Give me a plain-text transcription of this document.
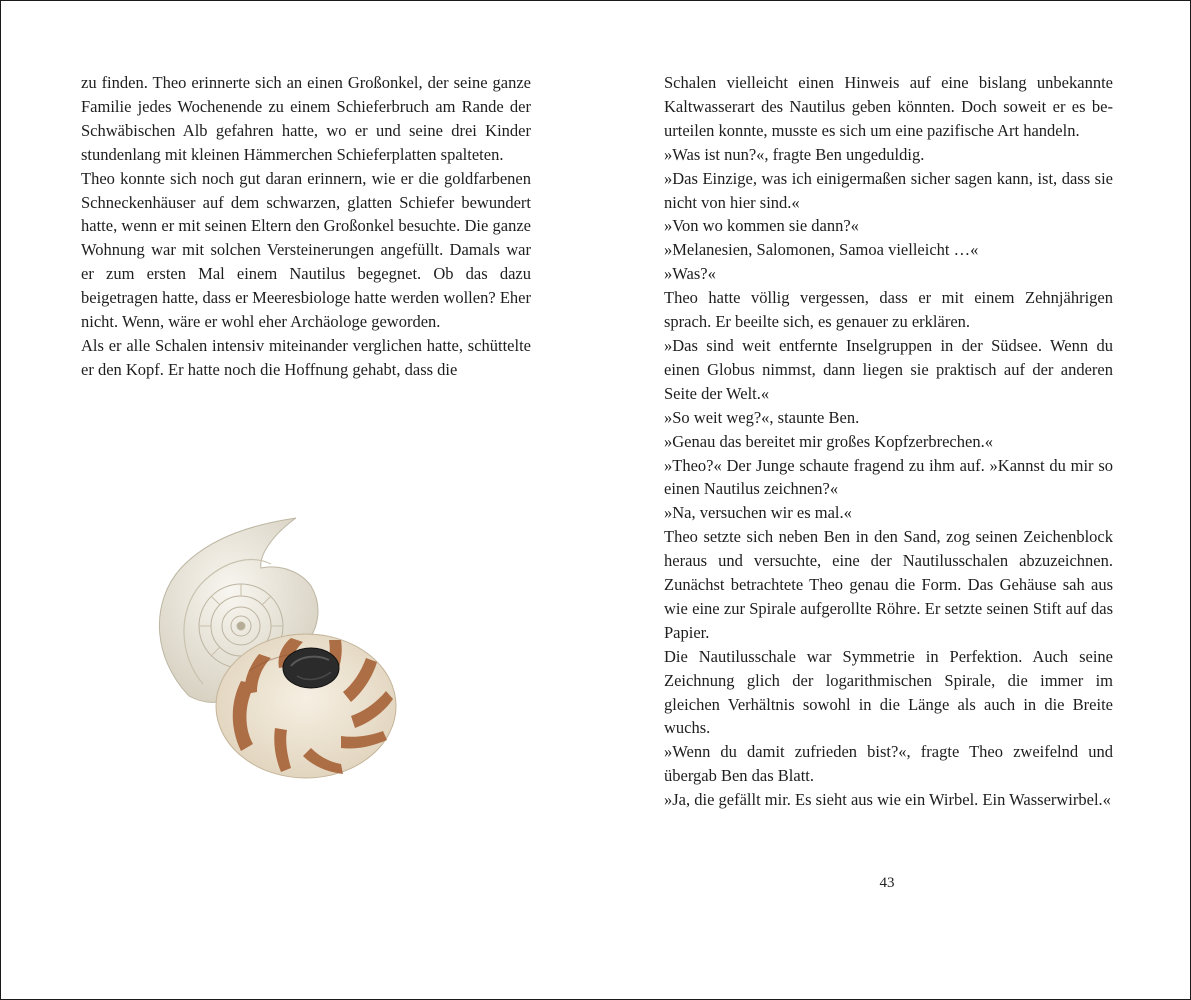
zu finden. Theo erinnerte sich an einen Großonkel, der seine ganze Familie jedes Wochenende zu einem Schieferbruch am Rande der Schwäbischen Alb gefahren hatte, wo er und seine drei Kinder stundenlang mit kleinen Hämmerchen Schieferplatten spalteten.

Theo konnte sich noch gut daran erinnern, wie er die goldfarbenen Schneckenhäuser auf dem schwarzen, glatten Schiefer bewundert hatte, wenn er mit seinen Eltern den Großonkel besuchte. Die ganze Wohnung war mit solchen Versteinerungen angefüllt. Damals war er zum ersten Mal einem Nautilus begegnet. Ob das dazu beigetragen hatte, dass er Meeresbiologe hatte werden wollen? Eher nicht. Wenn, wäre er wohl eher Archäologe geworden.

Als er alle Schalen intensiv miteinander verglichen hatte, schüttelte er den Kopf. Er hatte noch die Hoffnung gehabt, dass die

Schalen vielleicht einen Hinweis auf eine bislang unbekannte Kaltwasserart des Nautilus geben könnten. Doch soweit er es beurteilen konnte, musste es sich um eine pazifische Art handeln.

»Was ist nun?«, fragte Ben ungeduldig.

»Das Einzige, was ich einigermaßen sicher sagen kann, ist, dass sie nicht von hier sind.«

»Von wo kommen sie dann?«

»Melanesien, Salomonen, Samoa vielleicht …«

»Was?«

Theo hatte völlig vergessen, dass er mit einem Zehnjährigen sprach. Er beeilte sich, es genauer zu erklären.

»Das sind weit entfernte Inselgruppen in der Südsee. Wenn du einen Globus nimmst, dann liegen sie praktisch auf der anderen Seite der Welt.«

»So weit weg?«, staunte Ben.

»Genau das bereitet mir großes Kopfzerbrechen.«

»Theo?« Der Junge schaute fragend zu ihm auf. »Kannst du mir so einen Nautilus zeichnen?«

»Na, versuchen wir es mal.«

Theo setzte sich neben Ben in den Sand, zog seinen Zeichenblock heraus und versuchte, eine der Nautilusschalen abzuzeichnen. Zunächst betrachtete Theo genau die Form. Das Gehäuse sah aus wie eine zur Spirale aufgerollte Röhre. Er setzte seinen Stift auf das Papier.

Die Nautilusschale war Symmetrie in Perfektion. Auch seine Zeichnung glich der logarithmischen Spirale, die immer im gleichen Verhältnis sowohl in die Länge als auch in die Breite wuchs.

»Wenn du damit zufrieden bist?«, fragte Theo zweifelnd und übergab Ben das Blatt.

»Ja, die gefällt mir. Es sieht aus wie ein Wirbel. Ein Wasserwirbel.«

43
